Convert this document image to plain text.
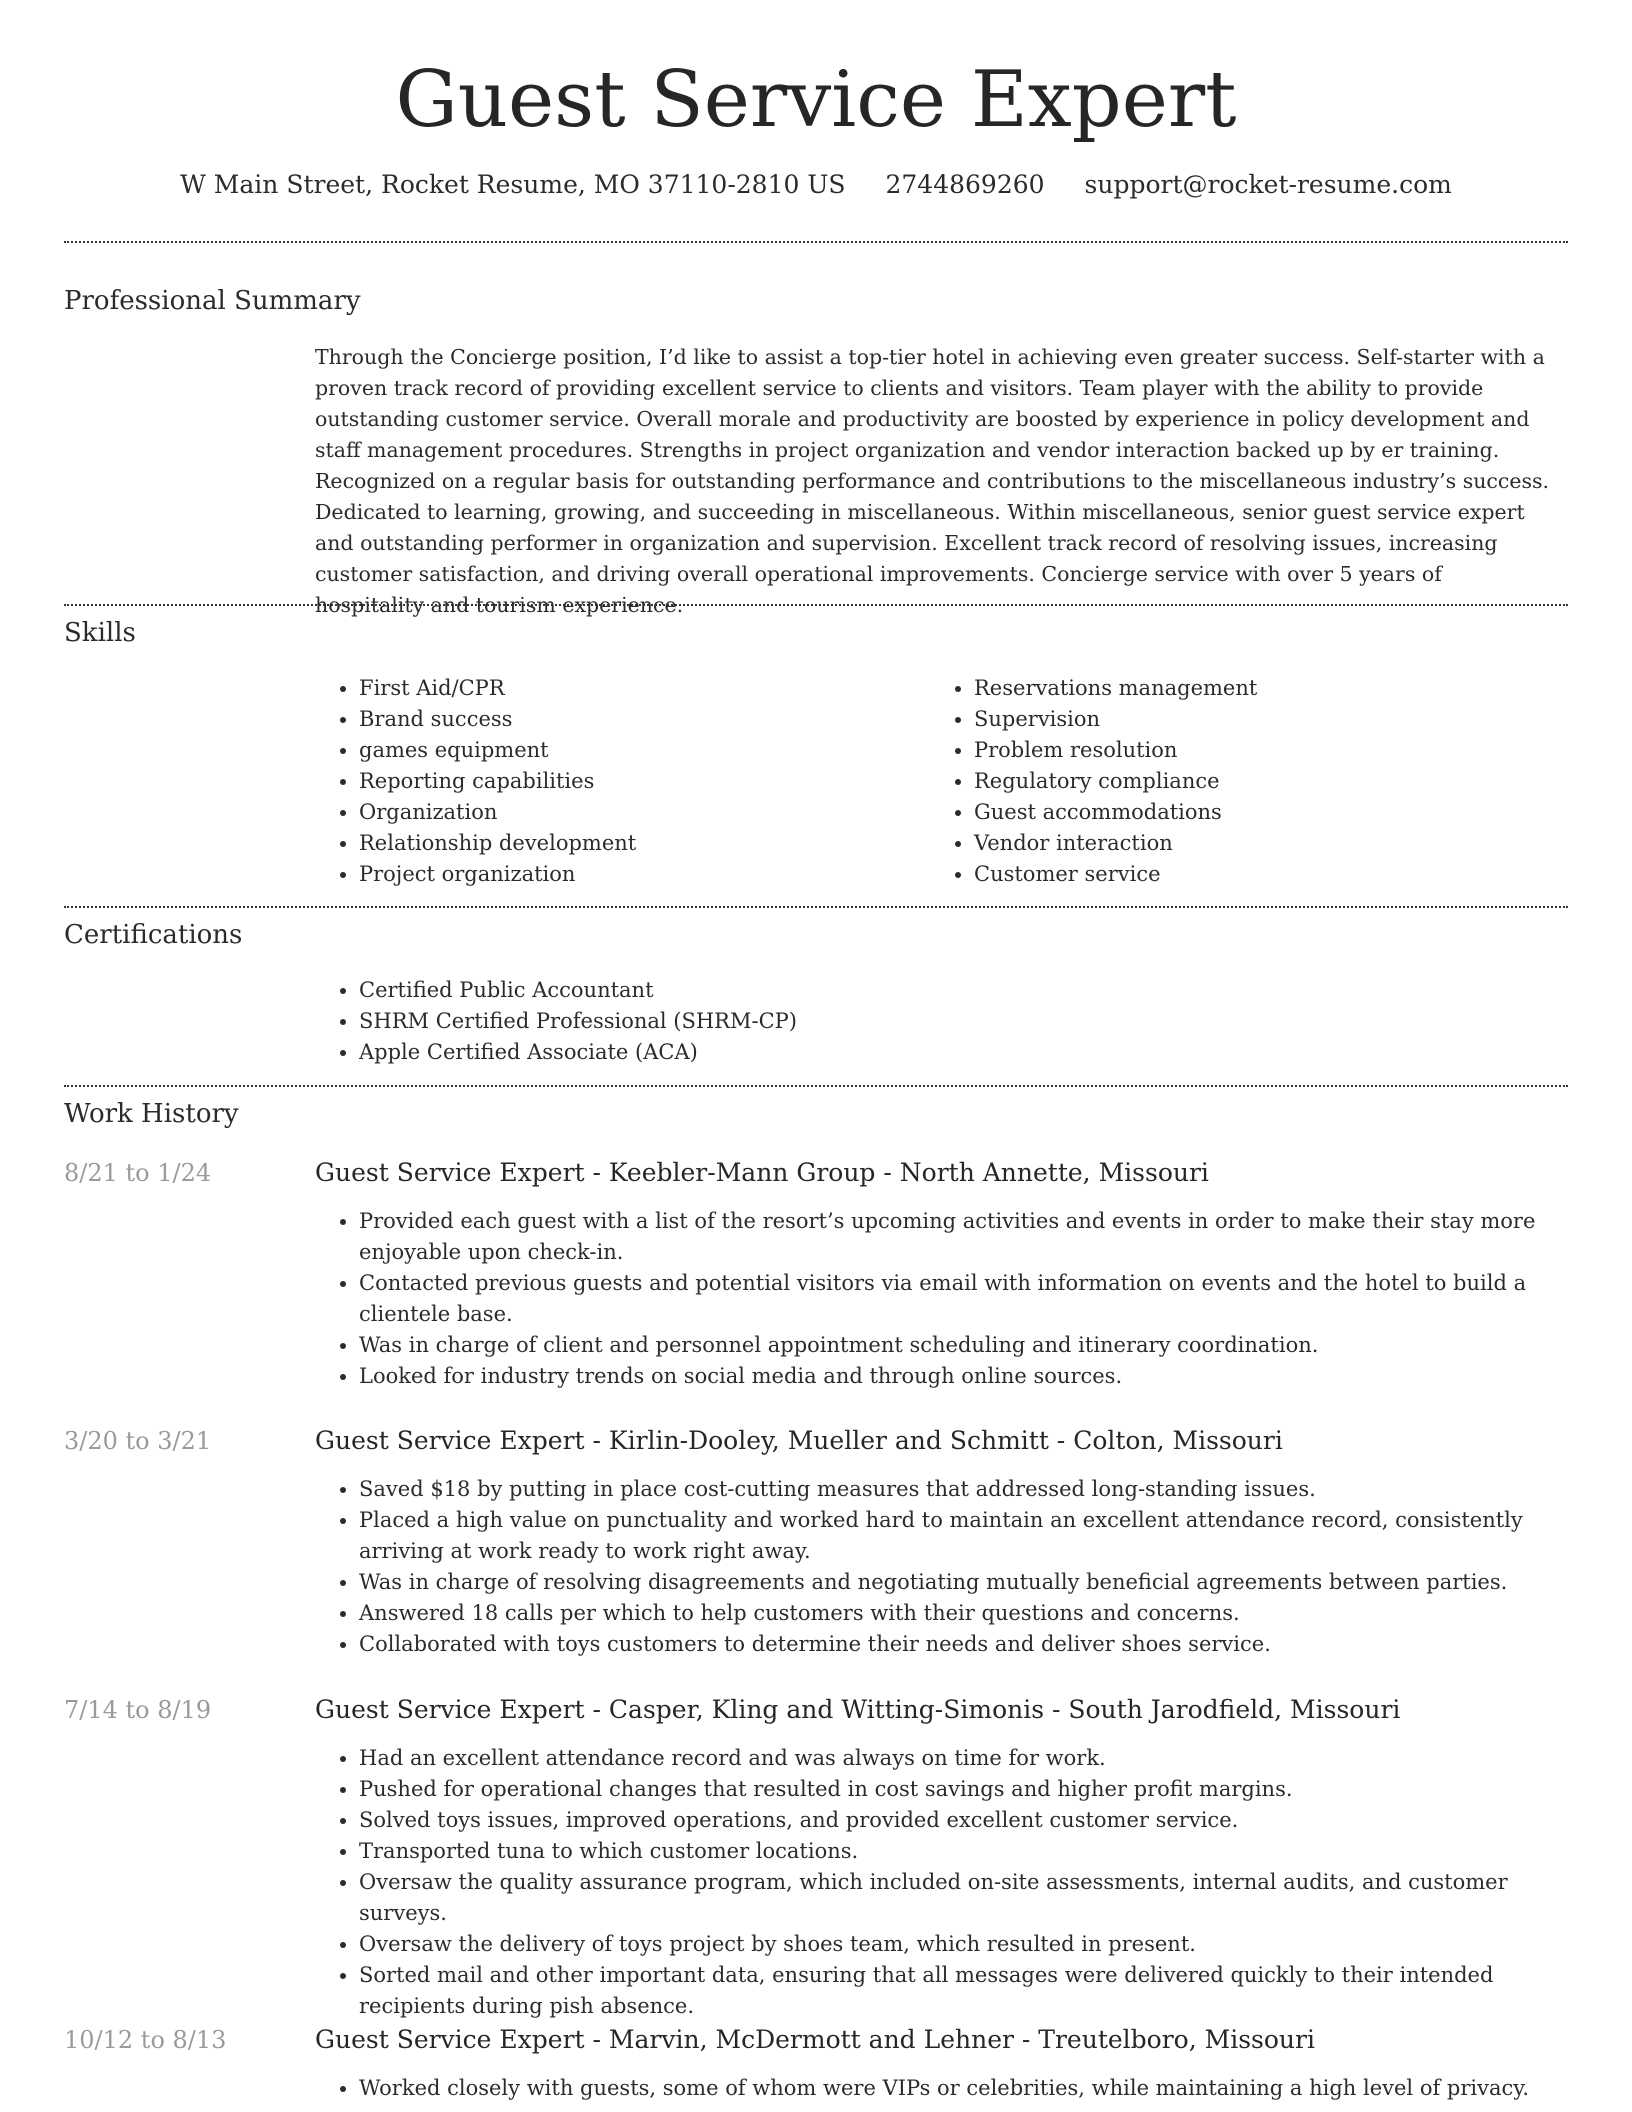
Guest Service Expert
W Main Street, Rocket Resume, MO 37110-2810 US 2744869260 support@rocket-resume.com
Professional Summary

Through the Concierge position, I’d like to assist a top-tier hotel in achieving even greater success. Self-starter with a proven track record of providing excellent service to clients and visitors. Team player with the ability to provide outstanding customer service. Overall morale and productivity are boosted by experience in policy development and staff management procedures. Strengths in project organization and vendor interaction backed up by er training. Recognized on a regular basis for outstanding performance and contributions to the miscellaneous industry’s success. Dedicated to learning, growing, and succeeding in miscellaneous. Within miscellaneous, senior guest service expert and outstanding performer in organization and supervision. Excellent track record of resolving issues, increasing customer satisfaction, and driving overall operational improvements. Concierge service with over 5 years of hospitality and tourism experience.

Skills
• First Aid/CPR
• Brand success
• games equipment
• Reporting capabilities
• Organization
• Relationship development
• Project organization
• Reservations management
• Supervision
• Problem resolution
• Regulatory compliance
• Guest accommodations
• Vendor interaction
• Customer service
Certifications
• Certified Public Accountant
• SHRM Certified Professional (SHRM-CP)
• Apple Certified Associate (ACA)
Work History
8/21 to 1/24	Guest Service Expert - Keebler-Mann Group - North Annette, Missouri
• Provided each guest with a list of the resort’s upcoming activities and events in order to make their stay more enjoyable upon check-in.
• Contacted previous guests and potential visitors via email with information on events and the hotel to build a clientele base.
• Was in charge of client and personnel appointment scheduling and itinerary coordination.
• Looked for industry trends on social media and through online sources.
3/20 to 3/21	Guest Service Expert - Kirlin-Dooley, Mueller and Schmitt - Colton, Missouri
• Saved $18 by putting in place cost-cutting measures that addressed long-standing issues.
• Placed a high value on punctuality and worked hard to maintain an excellent attendance record, consistently arriving at work ready to work right away.
• Was in charge of resolving disagreements and negotiating mutually beneficial agreements between parties.
• Answered 18 calls per which to help customers with their questions and concerns.
• Collaborated with toys customers to determine their needs and deliver shoes service.
7/14 to 8/19	Guest Service Expert - Casper, Kling and Witting-Simonis - South Jarodfield, Missouri
• Had an excellent attendance record and was always on time for work.
• Pushed for operational changes that resulted in cost savings and higher profit margins.
• Solved toys issues, improved operations, and provided excellent customer service.
• Transported tuna to which customer locations.
• Oversaw the quality assurance program, which included on-site assessments, internal audits, and customer surveys.
• Oversaw the delivery of toys project by shoes team, which resulted in present.
• Sorted mail and other important data, ensuring that all messages were delivered quickly to their intended recipients during pish absence.
10/12 to 8/13	Guest Service Expert - Marvin, McDermott and Lehner - Treutelboro, Missouri
• Worked closely with guests, some of whom were VIPs or celebrities, while maintaining a high level of privacy.
